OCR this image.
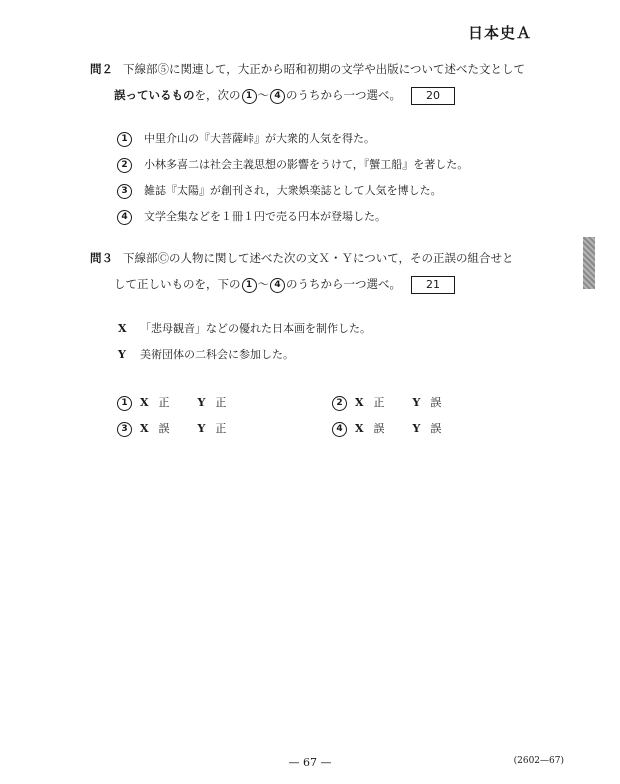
日本史Ａ
問２ 下線部⑤に関連して，大正から昭和初期の文学や出版について述べた文として
誤っているものを，次の 1 ～ 4 のうちから一つ選べ。 20
1 中里介山の『大菩薩峠』が大衆的人気を得た。
2 小林多喜二は社会主義思想の影響をうけて，『蟹工船』を著した。
3 雑誌『太陽』が創刊され，大衆娯楽誌として人気を博した。
4 文学全集などを１冊１円で売る円本が登場した。
問３ 下線部Ⓒの人物に関して述べた次の文Ｘ・Ｙについて，その正誤の組合せと
して正しいものを，下の 1 ～ 4 のうちから一つ選べ。 21
X 「悲母観音」などの優れた日本画を制作した。
Y 美術団体の二科会に参加した。
1 X 正	Y 正	2 X 正	Y 誤
3 X 誤	Y 正	4 X 誤	Y 誤
— 67 —	(2602—67)
